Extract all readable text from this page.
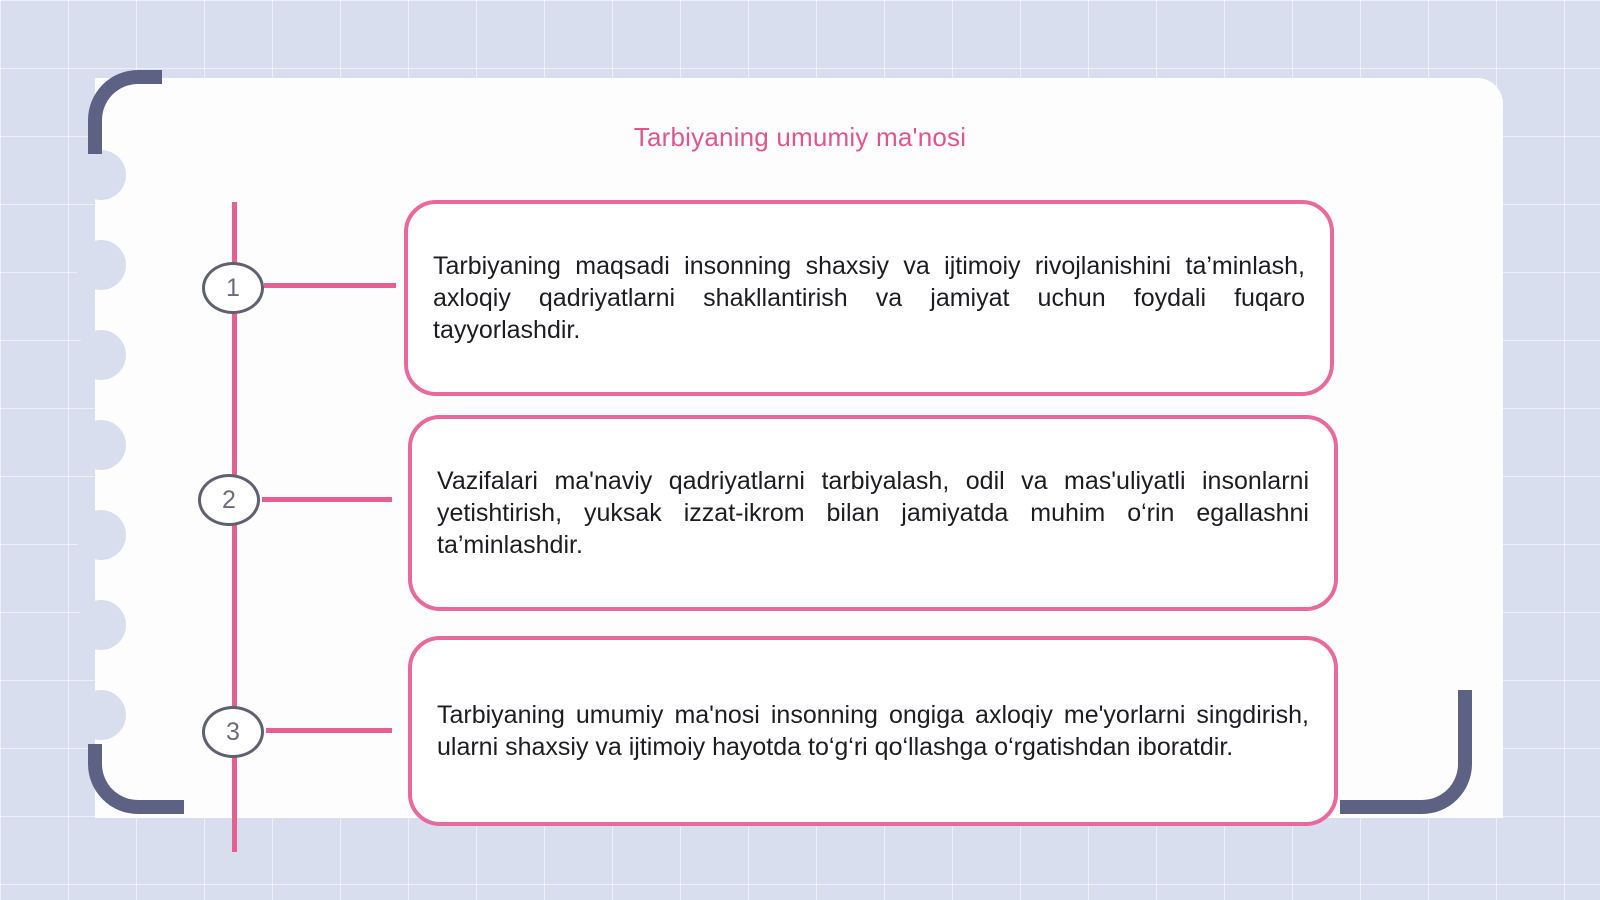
Tarbiyaning umumiy ma'nosi
1
2
3

Tarbiyaning maqsadi insonning shaxsiy va ijtimoiy rivojlanishini ta’minlash, axloqiy qadriyatlarni shakllantirish va jamiyat uchun foydali fuqaro tayyorlashdir.

Vazifalari ma'naviy qadriyatlarni tarbiyalash, odil va mas'uliyatli insonlarni yetishtirish, yuksak izzat-ikrom bilan jamiyatda muhim o‘rin egallashni ta’minlashdir.

Tarbiyaning umumiy ma'nosi insonning ongiga axloqiy me'yorlarni singdirish, ularni shaxsiy va ijtimoiy hayotda to‘g‘ri qo‘llashga o‘rgatishdan iboratdir.
